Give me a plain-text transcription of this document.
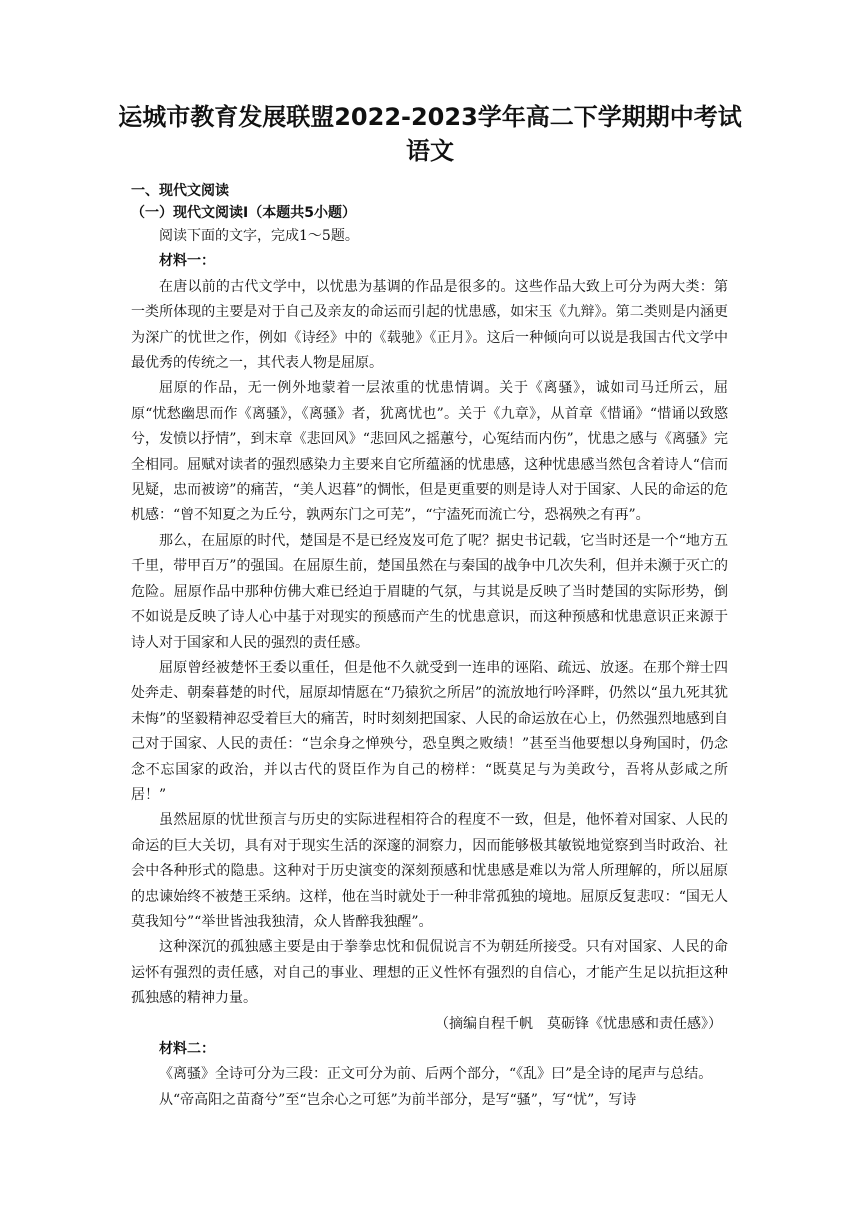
运城市教育发展联盟2022-2023学年高二下学期期中考试
语文
一、现代文阅读
（一）现代文阅读I（本题共5小题）

阅读下面的文字，完成1～5题。

材料一：

在唐以前的古代文学中，以忧患为基调的作品是很多的。这些作品大致上可分为两大类：第一类所体现的主要是对于自己及亲友的命运而引起的忧患感，如宋玉《九辩》。第二类则是内涵更为深广的忧世之作，例如《诗经》中的《载驰》《正月》。这后一种倾向可以说是我国古代文学中最优秀的传统之一，其代表人物是屈原。

屈原的作品，无一例外地蒙着一层浓重的忧患情调。关于《离骚》，诚如司马迁所云，屈原“忧愁幽思而作《离骚》，《离骚》者，犹离忧也”。关于《九章》，从首章《惜诵》“惜诵以致愍兮，发愤以抒情”，到末章《悲回风》“悲回风之摇蕙兮，心冤结而内伤”，忧患之感与《离骚》完全相同。屈赋对读者的强烈感染力主要来自它所蕴涵的忧患感，这种忧患感当然包含着诗人“信而见疑，忠而被谤”的痛苦，“美人迟暮”的惆怅，但是更重要的则是诗人对于国家、人民的命运的危机感：“曾不知夏之为丘兮，孰两东门之可芜”，“宁溘死而流亡兮，恐祸殃之有再”。

那么，在屈原的时代，楚国是不是已经岌岌可危了呢？据史书记载，它当时还是一个“地方五千里，带甲百万”的强国。在屈原生前，楚国虽然在与秦国的战争中几次失利，但并未濒于灭亡的危险。屈原作品中那种仿佛大难已经迫于眉睫的气氛，与其说是反映了当时楚国的实际形势，倒不如说是反映了诗人心中基于对现实的预感而产生的忧患意识，而这种预感和忧患意识正来源于诗人对于国家和人民的强烈的责任感。

屈原曾经被楚怀王委以重任，但是他不久就受到一连串的诬陷、疏远、放逐。在那个辩士四处奔走、朝秦暮楚的时代，屈原却情愿在“乃猿狖之所居”的流放地行吟泽畔，仍然以“虽九死其犹未悔”的坚毅精神忍受着巨大的痛苦，时时刻刻把国家、人民的命运放在心上，仍然强烈地感到自己对于国家、人民的责任：“岂余身之惮殃兮，恐皇舆之败绩！”甚至当他要想以身殉国时，仍念念不忘国家的政治，并以古代的贤臣作为自己的榜样：“既莫足与为美政兮，吾将从彭咸之所居！”

虽然屈原的忧世预言与历史的实际进程相符合的程度不一致，但是，他怀着对国家、人民的命运的巨大关切，具有对于现实生活的深邃的洞察力，因而能够极其敏锐地觉察到当时政治、社会中各种形式的隐患。这种对于历史演变的深刻预感和忧患感是难以为常人所理解的，所以屈原的忠谏始终不被楚王采纳。这样，他在当时就处于一种非常孤独的境地。屈原反复悲叹：“国无人莫我知兮”“举世皆浊我独清，众人皆醉我独醒”。

这种深沉的孤独感主要是由于拳拳忠忱和侃侃说言不为朝廷所接受。只有对国家、人民的命运怀有强烈的责任感，对自己的事业、理想的正义性怀有强烈的自信心，才能产生足以抗拒这种孤独感的精神力量。

（摘编自程千帆　莫砺锋《忧患感和责任感》）

材料二：

《离骚》全诗可分为三段：正文可分为前、后两个部分，“《乱》曰”是全诗的尾声与总结。

从“帝高阳之苗裔兮”至“岂余心之可惩”为前半部分，是写“骚”，写“忧”，写诗
